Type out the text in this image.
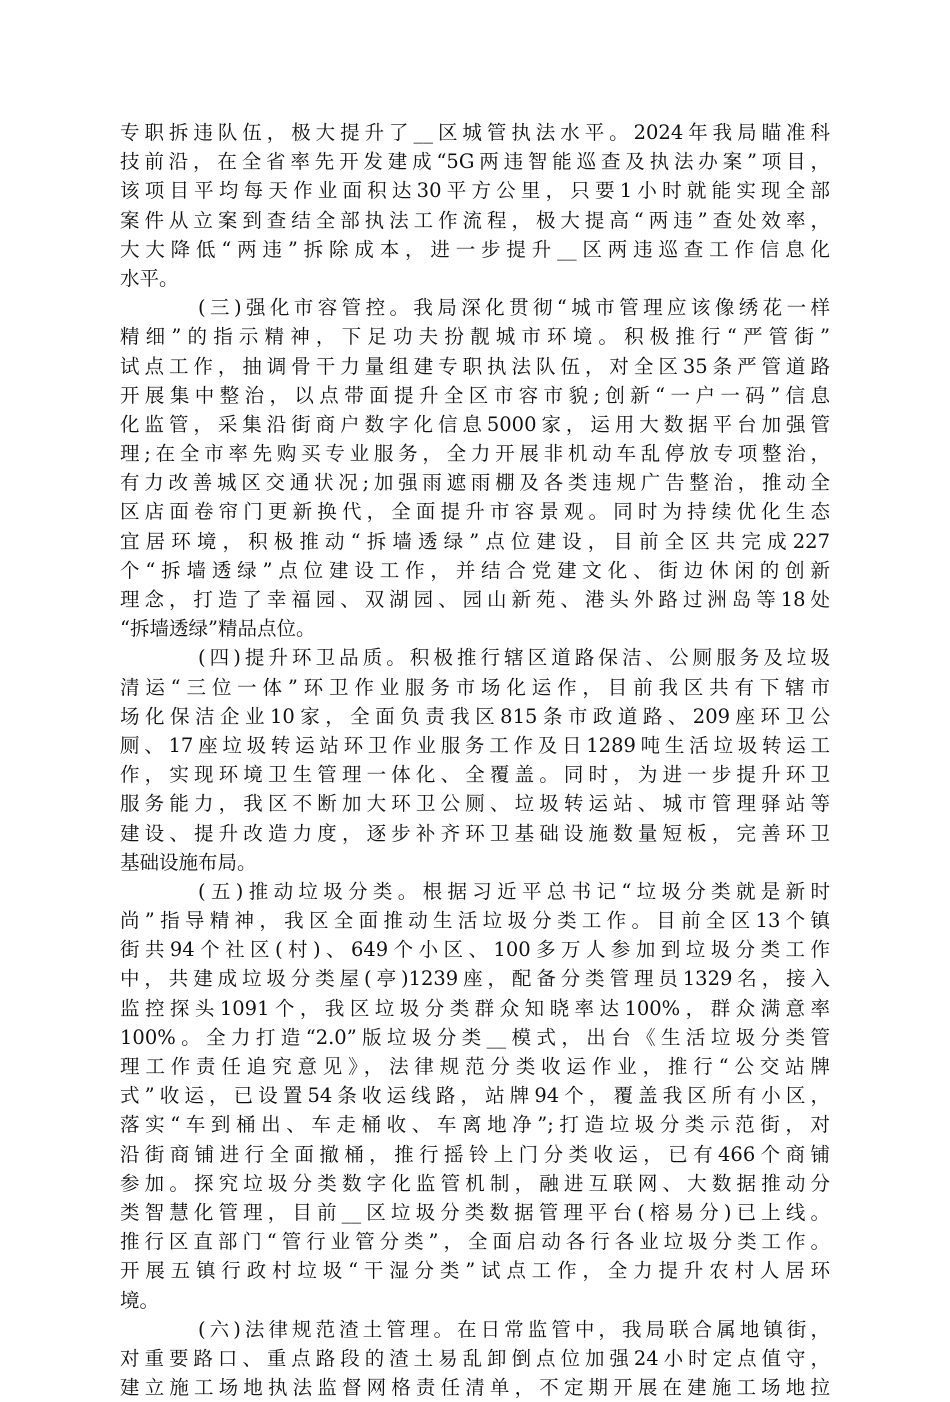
专职拆违队伍，极大提升了__区城管执法水平。2024年我局瞄准科
技前沿，在全省率先开发建成“5G两违智能巡查及执法办案”项目，
该项目平均每天作业面积达30平方公里，只要1小时就能实现全部
案件从立案到查结全部执法工作流程，极大提高“两违”查处效率，
大大降低“两违”拆除成本，进一步提升__区两违巡查工作信息化
水平。
(三)强化市容管控。我局深化贯彻“城市管理应该像绣花一样
精细”的指示精神，下足功夫扮靓城市环境。积极推行“严管街”
试点工作，抽调骨干力量组建专职执法队伍，对全区35条严管道路
开展集中整治，以点带面提升全区市容市貌;创新“一户一码”信息
化监管，采集沿街商户数字化信息5000家，运用大数据平台加强管
理;在全市率先购买专业服务，全力开展非机动车乱停放专项整治，
有力改善城区交通状况;加强雨遮雨棚及各类违规广告整治，推动全
区店面卷帘门更新换代，全面提升市容景观。同时为持续优化生态
宜居环境，积极推动“拆墙透绿”点位建设，目前全区共完成227
个“拆墙透绿”点位建设工作，并结合党建文化、街边休闲的创新
理念，打造了幸福园、双湖园、园山新苑、港头外路过洲岛等18处
“拆墙透绿”精品点位。
(四)提升环卫品质。积极推行辖区道路保洁、公厕服务及垃圾
清运“三位一体”环卫作业服务市场化运作，目前我区共有下辖市
场化保洁企业10家，全面负责我区815条市政道路、209座环卫公
厕、17座垃圾转运站环卫作业服务工作及日1289吨生活垃圾转运工
作，实现环境卫生管理一体化、全覆盖。同时，为进一步提升环卫
服务能力，我区不断加大环卫公厕、垃圾转运站、城市管理驿站等
建设、提升改造力度，逐步补齐环卫基础设施数量短板，完善环卫
基础设施布局。
(五)推动垃圾分类。根据习近平总书记“垃圾分类就是新时
尚”指导精神，我区全面推动生活垃圾分类工作。目前全区13个镇
街共94个社区(村)、649个小区、100多万人参加到垃圾分类工作
中，共建成垃圾分类屋(亭)1239座，配备分类管理员1329名，接入
监控探头1091个，我区垃圾分类群众知晓率达100%，群众满意率
100%。全力打造“2.0”版垃圾分类__模式，出台《生活垃圾分类管
理工作责任追究意见》，法律规范分类收运作业，推行“公交站牌
式”收运，已设置54条收运线路，站牌94个，覆盖我区所有小区，
落实“车到桶出、车走桶收、车离地净”;打造垃圾分类示范街，对
沿街商铺进行全面撤桶，推行摇铃上门分类收运，已有466个商铺
参加。探究垃圾分类数字化监管机制，融进互联网、大数据推动分
类智慧化管理，目前__区垃圾分类数据管理平台(榕易分)已上线。
推行区直部门“管行业管分类”，全面启动各行各业垃圾分类工作。
开展五镇行政村垃圾“干湿分类”试点工作，全力提升农村人居环
境。
(六)法律规范渣土管理。在日常监管中，我局联合属地镇街，
对重要路口、重点路段的渣土易乱卸倒点位加强24小时定点值守，
建立施工场地执法监督网格责任清单，不定期开展在建施工场地拉
